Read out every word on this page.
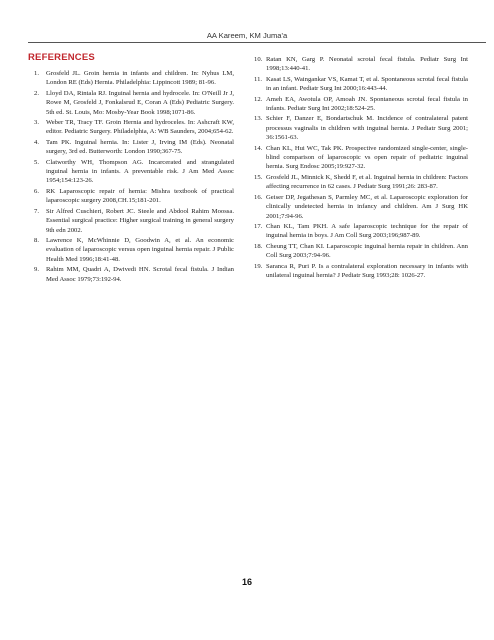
AA Kareem, KM Juma'a
REFERENCES
1. Grosfeld JL. Groin hernia in infants and children. In: Nyhus LM, London RE (Eds) Hernia. Philadelphia: Lippincott 1989; 81-96.
2. Lloyd DA, Rintala RJ. Inguinal hernia and hydrocele. In: O'Neill Jr J, Rowe M, Grosfeld J, Fonkalsrud E, Coran A (Eds) Pediatric Surgery. 5th ed. St. Louis, Mo: Mosby-Year Book 1998;1071-86.
3. Weber TR, Tracy TF. Groin Hernia and hydroceles. In: Ashcraft KW, editor. Pediatric Surgery. Philadelphia, A: WB Saunders, 2004;654-62.
4. Tam PK. Inguinal hernia. In: Lister J, Irving IM (Eds). Neonatal surgery, 3rd ed. Butterworth: London 1990;367-75.
5. Clatworthy WH, Thompson AG. Incarcerated and strangulated inguinal hernia in infants. A preventable risk. J Am Med Assoc 1954;154:123-26.
6. RK Laparoscopic repair of hernia: Mishra textbook of practical laparoscopic surgery 2008,CH.15;181-201.
7. Sir Alfred Cuschieri, Robert JC. Steele and Abdool Rahim Moossa. Essential surgical practice: Higher surgical training in general surgery 9th edn 2002.
8. Lawrence K, McWhinnie D, Goodwin A, et al. An economic evaluation of laparoscopic versus open inguinal hernia repair. J Public Health Med 1996;18:41-48.
9. Rahim MM, Quadri A, Dwivedi HN. Scrotal fecal fistula. J Indian Med Assoc 1979;73:192-94.
10. Ratan KN, Garg P. Neonatal scrotal fecal fistula. Pediatr Surg Int 1998;13:440-41.
11. Kasat LS, Waingankar VS, Kamat T, et al. Spontaneous scrotal fecal fistula in an infant. Pediatr Surg Int 2000;16:443-44.
12. Ameh EA, Awotula OP, Amoah JN. Spontaneous scrotal fecal fistula in infants. Pediatr Surg Int 2002;18:524-25.
13. Schier F, Danzer E, Bondartschuk M. Incidence of contralateral patent processus vaginalis in children with inguinal hernia. J Pediatr Surg 2001; 36:1561-63.
14. Chan KL, Hui WC, Tak PK. Prospective randomized single-center, single-blind comparison of laparoscopic vs open repair of pediatric inguinal hernia. Surg Endosc 2005;19:927-32.
15. Grosfeld JL, Minnick K, Shedd F, et al. Inguinal hernia in children: Factors affecting recurrence in 62 cases. J Pediatr Surg 1991;26: 283-87.
16. Geiser DP, Jegathesan S, Parmley MC, et al. Laparoscopic exploration for clinically undetected hernia in infancy and children. Am J Surg HK 2001;7:94-96.
17. Chan KL, Tam PKH. A safe laparoscopic technique for the repair of inguinal hernia in boys. J Am Coll Surg 2003;196;987-89.
18. Cheung TT, Chan KI. Laparoscopic inguinal hernia repair in children. Ann Coll Surg 2003;7:94-96.
19. Saranca R, Puri P. Is a contralateral exploration necessary in infants with unilateral inguinal hernia? J Pediatr Surg 1993;28: 1026-27.
16
